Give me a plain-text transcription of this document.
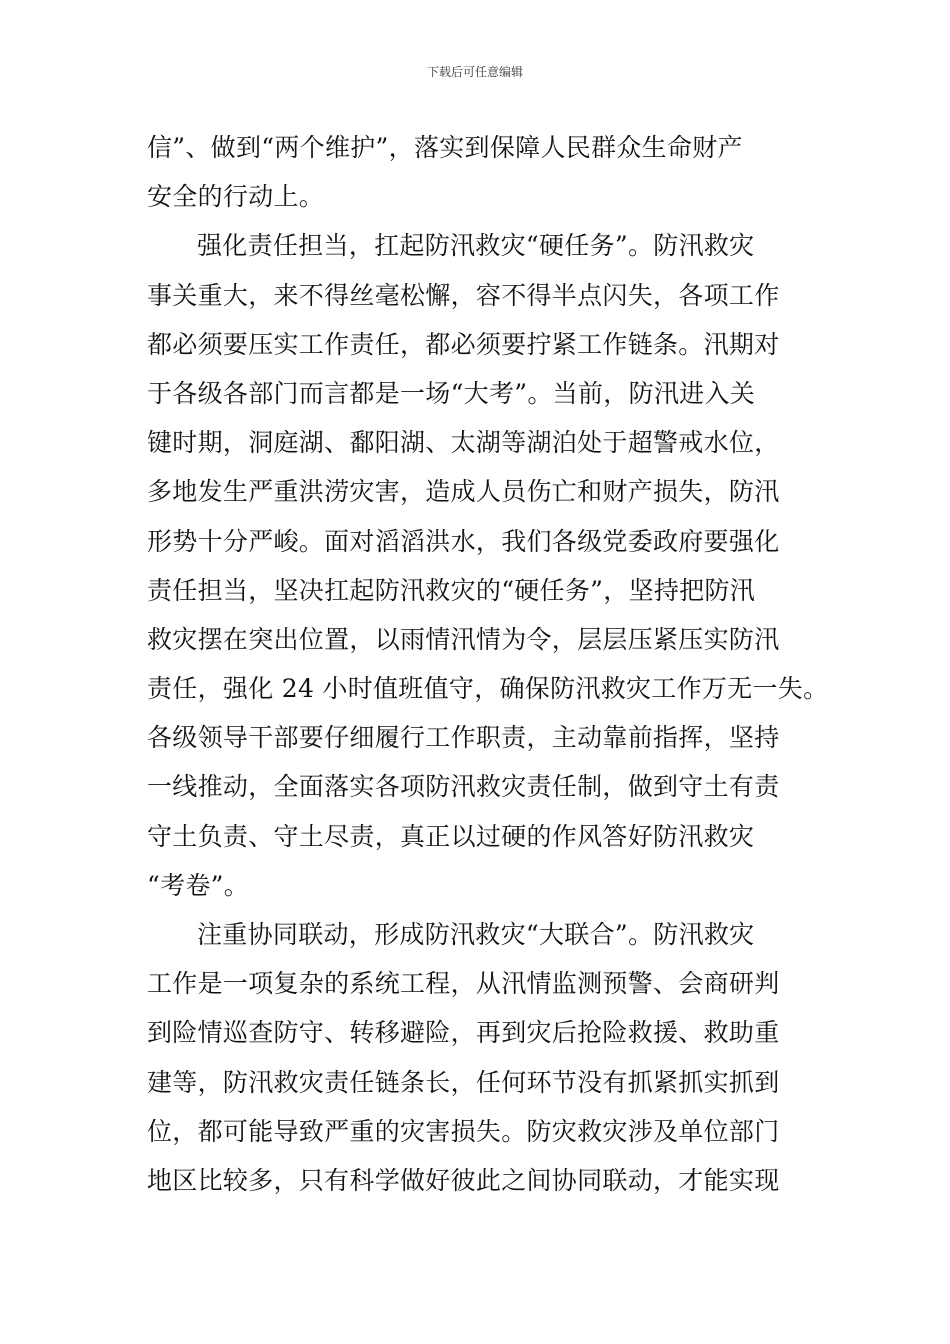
下载后可任意编辑
信”、做到“两个维护”，落实到保障人民群众生命财产
安全的行动上。
强化责任担当，扛起防汛救灾“硬任务”。防汛救灾
事关重大，来不得丝毫松懈，容不得半点闪失，各项工作
都必须要压实工作责任，都必须要拧紧工作链条。汛期对
于各级各部门而言都是一场“大考”。当前，防汛进入关
键时期，洞庭湖、鄱阳湖、太湖等湖泊处于超警戒水位，
多地发生严重洪涝灾害，造成人员伤亡和财产损失，防汛
形势十分严峻。面对滔滔洪水，我们各级党委政府要强化
责任担当，坚决扛起防汛救灾的“硬任务”，坚持把防汛
救灾摆在突出位置，以雨情汛情为令，层层压紧压实防汛
责任，强化 24 小时值班值守，确保防汛救灾工作万无一失。
各级领导干部要仔细履行工作职责，主动靠前指挥，坚持
一线推动，全面落实各项防汛救灾责任制，做到守土有责
守土负责、守土尽责，真正以过硬的作风答好防汛救灾
“考卷”。
注重协同联动，形成防汛救灾“大联合”。防汛救灾
工作是一项复杂的系统工程，从汛情监测预警、会商研判
到险情巡查防守、转移避险，再到灾后抢险救援、救助重
建等，防汛救灾责任链条长，任何环节没有抓紧抓实抓到
位，都可能导致严重的灾害损失。防灾救灾涉及单位部门
地区比较多，只有科学做好彼此之间协同联动，才能实现
